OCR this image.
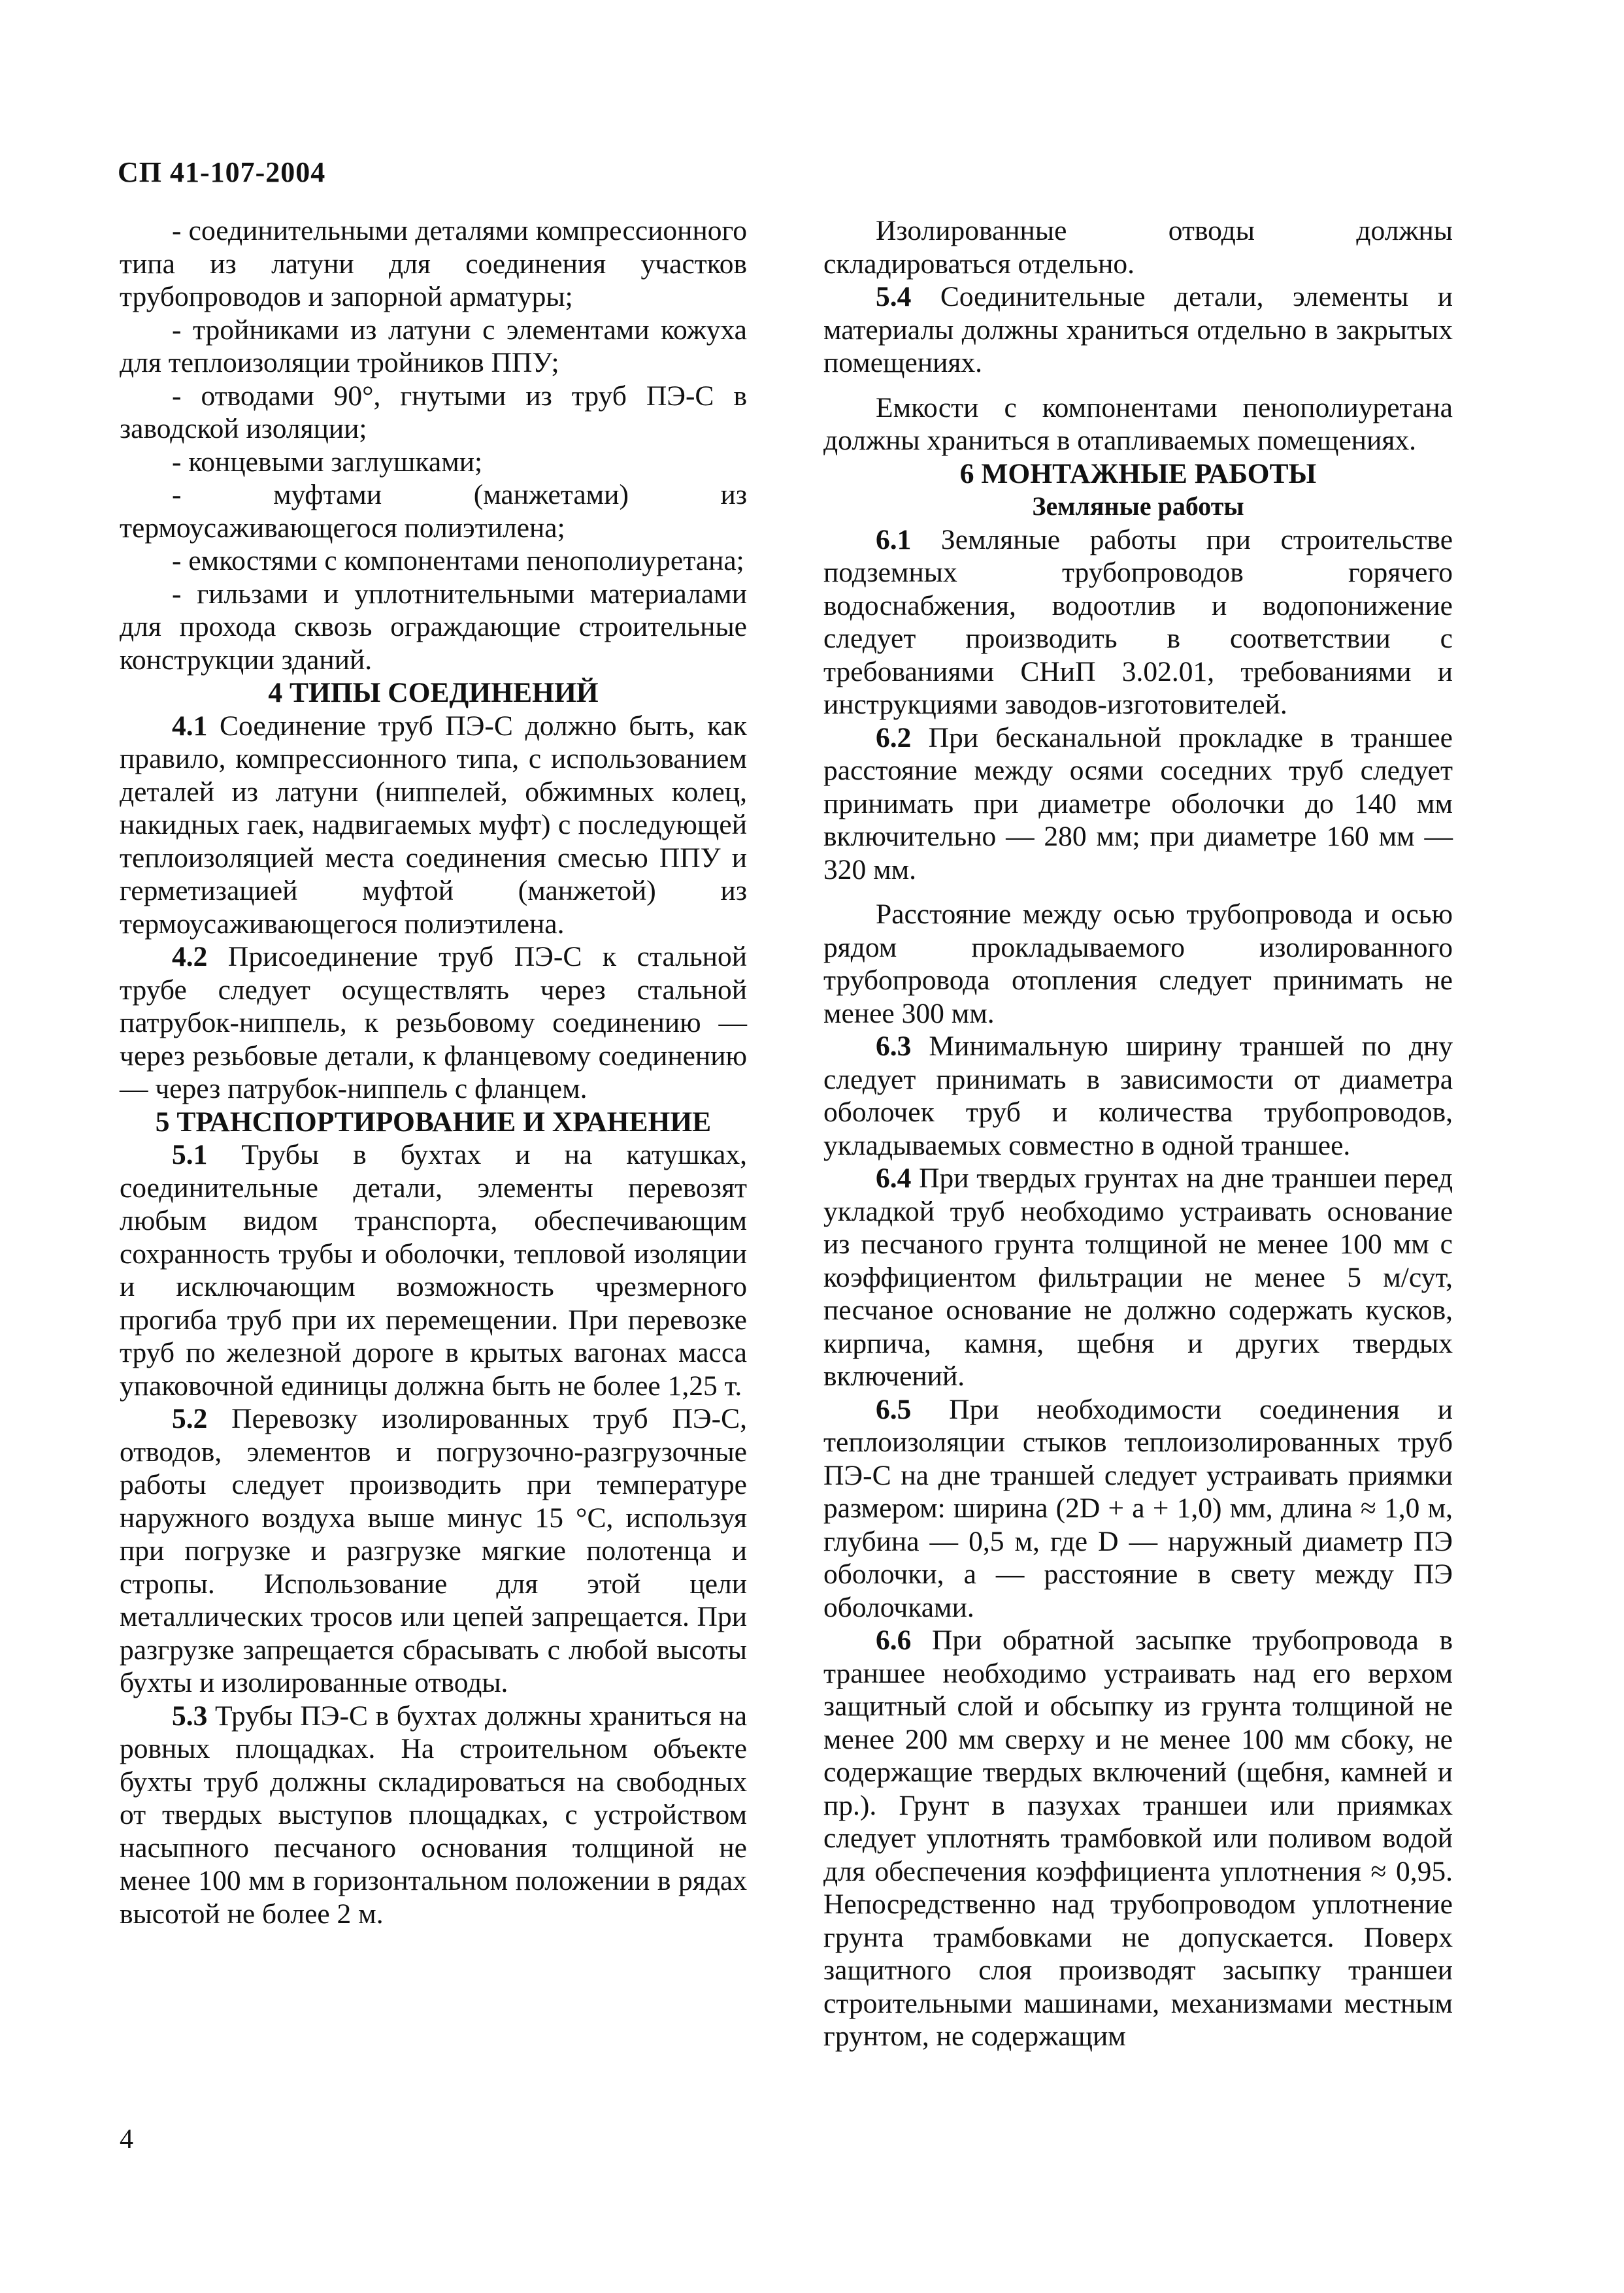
СП 41-107-2004

- соединительными деталями компрессионного типа из латуни для соединения участков трубопроводов и запорной арматуры;

- тройниками из латуни с элементами кожуха для теплоизоляции тройников ППУ;

- отводами 90°, гнутыми из труб ПЭ-С в заводской изоляции;

- концевыми заглушками;

- муфтами (манжетами) из термоусаживающегося полиэтилена;

- емкостями с компонентами пенополиуретана;

- гильзами и уплотнительными материалами для прохода сквозь ограждающие строительные конструкции зданий.

4 ТИПЫ СОЕДИНЕНИЙ

4.1 Соединение труб ПЭ-С должно быть, как правило, компрессионного типа, с использованием деталей из латуни (ниппелей, обжимных колец, накидных гаек, надвигаемых муфт) с последующей теплоизоляцией места соединения смесью ППУ и герметизацией муфтой (манжетой) из термоусаживающегося полиэтилена.

4.2 Присоединение труб ПЭ-С к стальной трубе следует осуществлять через стальной патрубок-ниппель, к резьбовому соединению — через резьбовые детали, к фланцевому соединению — через патрубок-ниппель с фланцем.

5 ТРАНСПОРТИРОВАНИЕ И ХРАНЕНИЕ

5.1 Трубы в бухтах и на катушках, соединительные детали, элементы перевозят любым видом транспорта, обеспечивающим сохранность трубы и оболочки, тепловой изоляции и исключающим возможность чрезмерного прогиба труб при их перемещении. При перевозке труб по железной дороге в крытых вагонах масса упаковочной единицы должна быть не более 1,25 т.

5.2 Перевозку изолированных труб ПЭ-С, отводов, элементов и погрузочно-разгрузочные работы следует производить при температуре наружного воздуха выше минус 15 °С, используя при погрузке и разгрузке мягкие полотенца и стропы. Использование для этой цели металлических тросов или цепей запрещается. При разгрузке запрещается сбрасывать с любой высоты бухты и изолированные отводы.

5.3 Трубы ПЭ-С в бухтах должны храниться на ровных площадках. На строительном объекте бухты труб должны складироваться на свободных от твердых выступов площадках, с устройством насыпного песчаного основания толщиной не менее 100 мм в горизонтальном положении в рядах высотой не более 2 м.

Изолированные отводы должны складироваться отдельно.

5.4 Соединительные детали, элементы и материалы должны храниться отдельно в закрытых помещениях.

Емкости с компонентами пенополиуретана должны храниться в отапливаемых помещениях.

6 МОНТАЖНЫЕ РАБОТЫ

Земляные работы

6.1 Земляные работы при строительстве подземных трубопроводов горячего водоснабжения, водоотлив и водопонижение следует производить в соответствии с требованиями СНиП 3.02.01, требованиями и инструкциями заводов-изготовителей.

6.2 При бесканальной прокладке в траншее расстояние между осями соседних труб следует принимать при диаметре оболочки до 140 мм включительно — 280 мм; при диаметре 160 мм — 320 мм.

Расстояние между осью трубопровода и осью рядом прокладываемого изолированного трубопровода отопления следует принимать не менее 300 мм.

6.3 Минимальную ширину траншей по дну следует принимать в зависимости от диаметра оболочек труб и количества трубопроводов, укладываемых совместно в одной траншее.

6.4 При твердых грунтах на дне траншеи перед укладкой труб необходимо устраивать основание из песчаного грунта толщиной не менее 100 мм с коэффициентом фильтрации не менее 5 м/сут, песчаное основание не должно содержать кусков, кирпича, камня, щебня и других твердых включений.

6.5 При необходимости соединения и теплоизоляции стыков теплоизолированных труб ПЭ-С на дне траншей следует устраивать приямки размером: ширина (2D + a + 1,0) мм, длина ≈ 1,0 м, глубина — 0,5 м, где D — наружный диаметр ПЭ оболочки, a — расстояние в свету между ПЭ оболочками.

6.6 При обратной засыпке трубопровода в траншее необходимо устраивать над его верхом защитный слой и обсыпку из грунта толщиной не менее 200 мм сверху и не менее 100 мм сбоку, не содержащие твердых включений (щебня, камней и пр.). Грунт в пазухах траншеи или приямках следует уплотнять трамбовкой или поливом водой для обеспечения коэффициента уплотнения ≈ 0,95. Непосредственно над трубопроводом уплотнение грунта трамбовками не допускается. Поверх защитного слоя производят засыпку траншеи строительными машинами, механизмами местным грунтом, не содержащим

4
